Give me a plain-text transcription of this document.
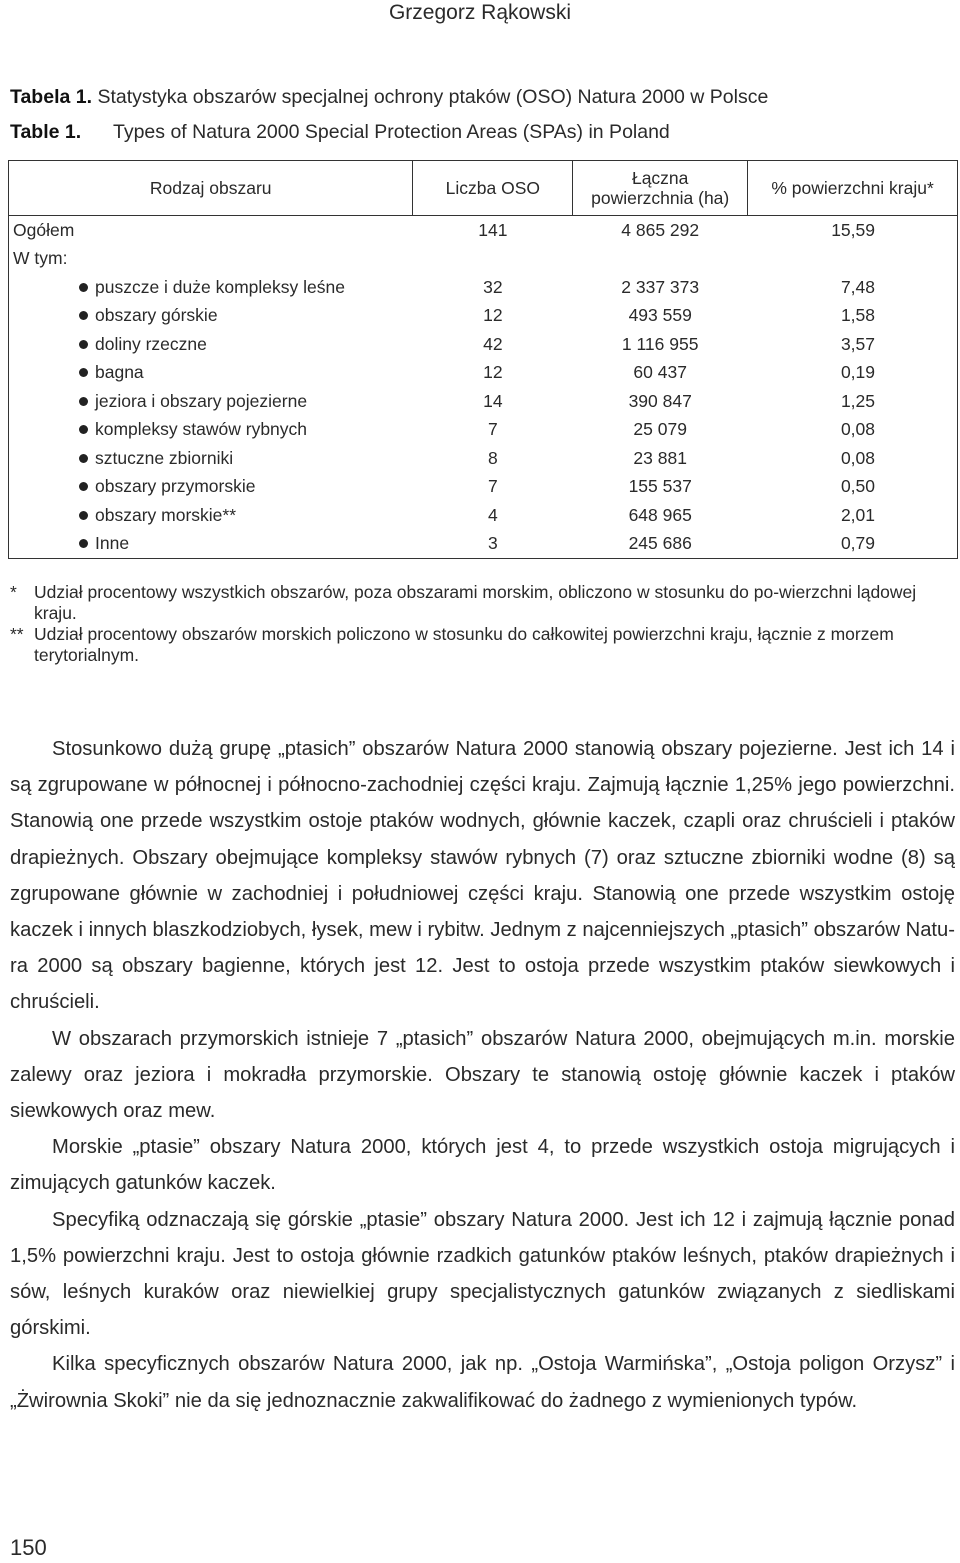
Grzegorz Rąkowski
Tabela 1. Statystyka obszarów specjalnej ochrony ptaków (OSO) Natura 2000 w Polsce
Table 1. Types of Natura 2000 Special Protection Areas (SPAs) in Poland
Rodzaj obszaru	Liczba OSO	Łączna powierzchnia (ha)	% powierzchni kraju*
Ogółem	141	4 865 292	15,59
W tym:			
puszcze i duże kompleksy leśne	32	2 337 373	7,48
obszary górskie	12	493 559	1,58
doliny rzeczne	42	1 116 955	3,57
bagna	12	60 437	0,19
jeziora i obszary pojezierne	14	390 847	1,25
kompleksy stawów rybnych	7	25 079	0,08
sztuczne zbiorniki	8	23 881	0,08
obszary przymorskie	7	155 537	0,50
obszary morskie**	4	648 965	2,01
Inne	3	245 686	0,79
* Udział procentowy wszystkich obszarów, poza obszarami morskim, obliczono w stosunku do po-wierzchni lądowej kraju.
** Udział procentowy obszarów morskich policzono w stosunku do całkowitej powierzchni kraju, łącznie z morzem terytorialnym.

Stosunkowo dużą grupę „ptasich” obszarów Natura 2000 stanowią obszary pojezierne. Jest ich 14 i są zgrupowane w północnej i północno-zachodniej części kraju. Zajmują łącznie 1,25% jego powierzchni. Stanowią one przede wszystkim ostoje ptaków wodnych, głównie kaczek, czapli oraz chruścieli i ptaków drapieżnych. Obszary obejmujące kompleksy stawów rybnych (7) oraz sztuczne zbiorniki wodne (8) są zgrupowane głównie w zachodniej i południowej części kraju. Stanowią one przede wszystkim ostoję kaczek i innych blaszkodziobych, łysek, mew i rybitw. Jednym z najcenniejszych „ptasich” obszarów Natura 2000 są obszary bagienne, których jest 12. Jest to ostoja przede wszystkim ptaków siewkowych i chruścieli.

W obszarach przymorskich istnieje 7 „ptasich” obszarów Natura 2000, obejmujących m.in. morskie zalewy oraz jeziora i mokradła przymorskie. Obszary te stanowią ostoję głównie kaczek i ptaków siewkowych oraz mew.

Morskie „ptasie” obszary Natura 2000, których jest 4, to przede wszystkich ostoja migrujących i zimujących gatunków kaczek.

Specyfiką odznaczają się górskie „ptasie” obszary Natura 2000. Jest ich 12 i zajmują łącznie ponad 1,5% powierzchni kraju. Jest to ostoja głównie rzadkich gatunków ptaków leśnych, ptaków drapieżnych i sów, leśnych kuraków oraz niewielkiej grupy specjalistycznych gatunków związanych z siedliskami górskimi.

Kilka specyficznych obszarów Natura 2000, jak np. „Ostoja Warmińska”, „Ostoja poligon Orzysz” i „Żwirownia Skoki” nie da się jednoznacznie zakwalifikować do żadnego z wymienionych typów.

150
